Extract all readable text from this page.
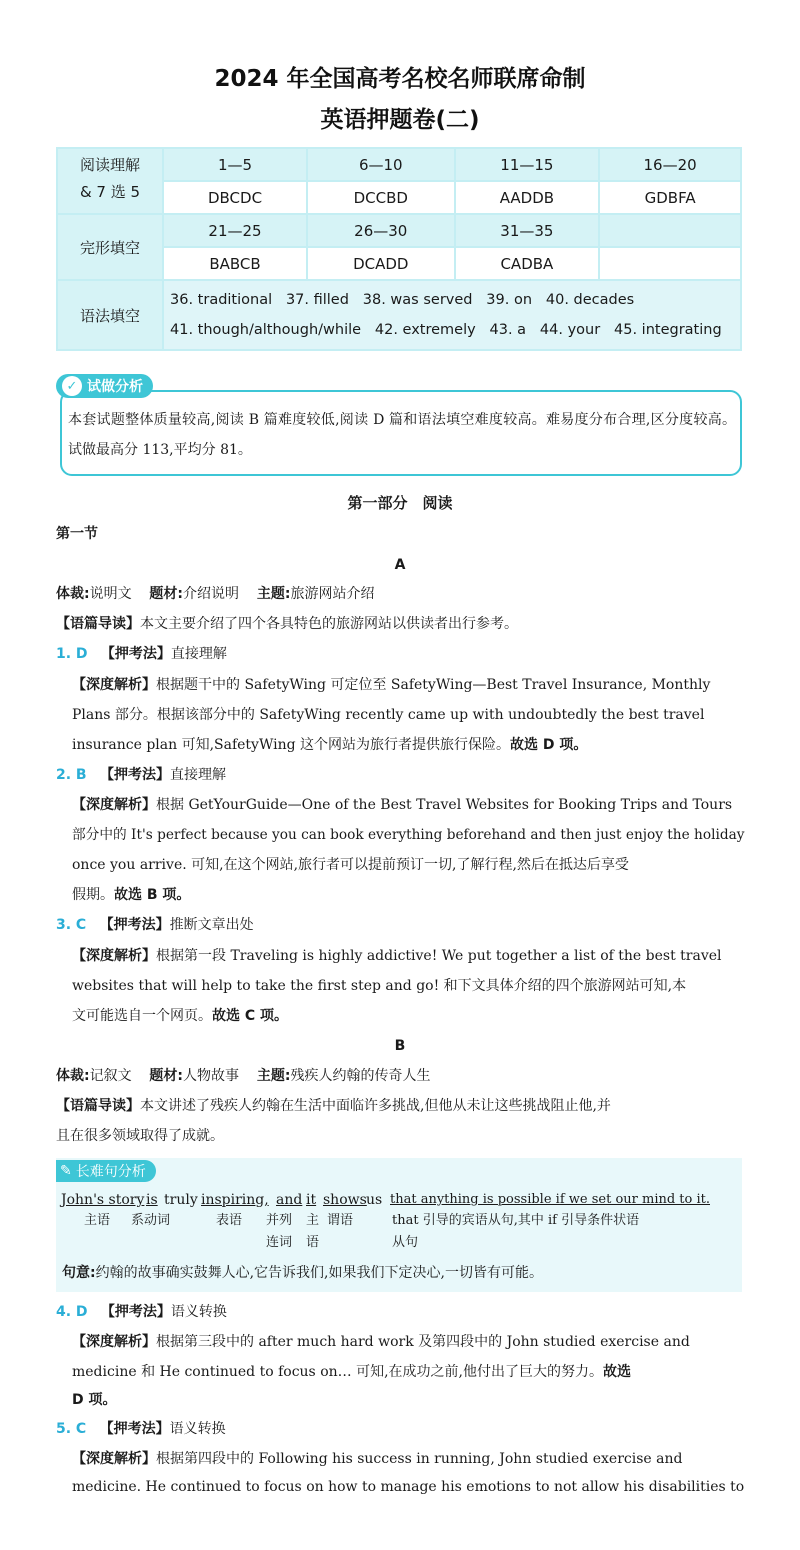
2024 年全国高考名校名师联席命制
英语押题卷(二)
阅读理解
& 7 选 5	1—5	6—10	11—15	16—20
	DBCDC	DCCBD	AADDB	GDBFA
完形填空	21—25	26—30	31—35	
	BABCB	DCADD	CADBA	
语法填空	36. traditional   37. filled   38. was served   39. on   40. decades
41. though/although/while   42. extremely   43. a   44. your   45. integrating			
✓ 试做分析
本套试题整体质量较高,阅读 B 篇难度较低,阅读 D 篇和语法填空难度较高。难易度分布合理,区分度较高。试做最高分 113,平均分 81。
第一部分　阅读
第一节
A
体裁:说明文 题材:介绍说明 主题:旅游网站介绍
【语篇导读】本文主要介绍了四个各具特色的旅游网站以供读者出行参考。
1. D 【押考法】直接理解
【深度解析】根据题干中的 SafetyWing 可定位至 SafetyWing—Best Travel Insurance, Monthly
Plans 部分。根据该部分中的 SafetyWing recently came up with undoubtedly the best travel
insurance plan 可知,SafetyWing 这个网站为旅行者提供旅行保险。故选 D 项。
2. B 【押考法】直接理解
【深度解析】根据 GetYourGuide—One of the Best Travel Websites for Booking Trips and Tours
部分中的 It's perfect because you can book everything beforehand and then just enjoy the holiday
once you arrive. 可知,在这个网站,旅行者可以提前预订一切,了解行程,然后在抵达后享受
假期。故选 B 项。
3. C 【押考法】推断文章出处
【深度解析】根据第一段 Traveling is highly addictive! We put together a list of the best travel
websites that will help to take the first step and go! 和下文具体介绍的四个旅游网站可知,本
文可能选自一个网页。故选 C 项。
B
体裁:记叙文 题材:人物故事 主题:残疾人约翰的传奇人生
【语篇导读】本文讲述了残疾人约翰在生活中面临许多挑战,但他从未让这些挑战阻止他,并
且在很多领域取得了成就。
✎ 长难句分析
John's story is truly inspiring, and it shows us that anything is possible if we set our mind to it.
主语 系动词	表语 并列
连词
主 谓语
语
that 引导的宾语从句,其中 if 引导条件状语
从句
句意:约翰的故事确实鼓舞人心,它告诉我们,如果我们下定决心,一切皆有可能。
4. D 【押考法】语义转换
【深度解析】根据第三段中的 after much hard work 及第四段中的 John studied exercise and
medicine 和 He continued to focus on… 可知,在成功之前,他付出了巨大的努力。故选
D 项。
5. C 【押考法】语义转换
【深度解析】根据第四段中的 Following his success in running, John studied exercise and
medicine. He continued to focus on how to manage his emotions to not allow his disabilities to
